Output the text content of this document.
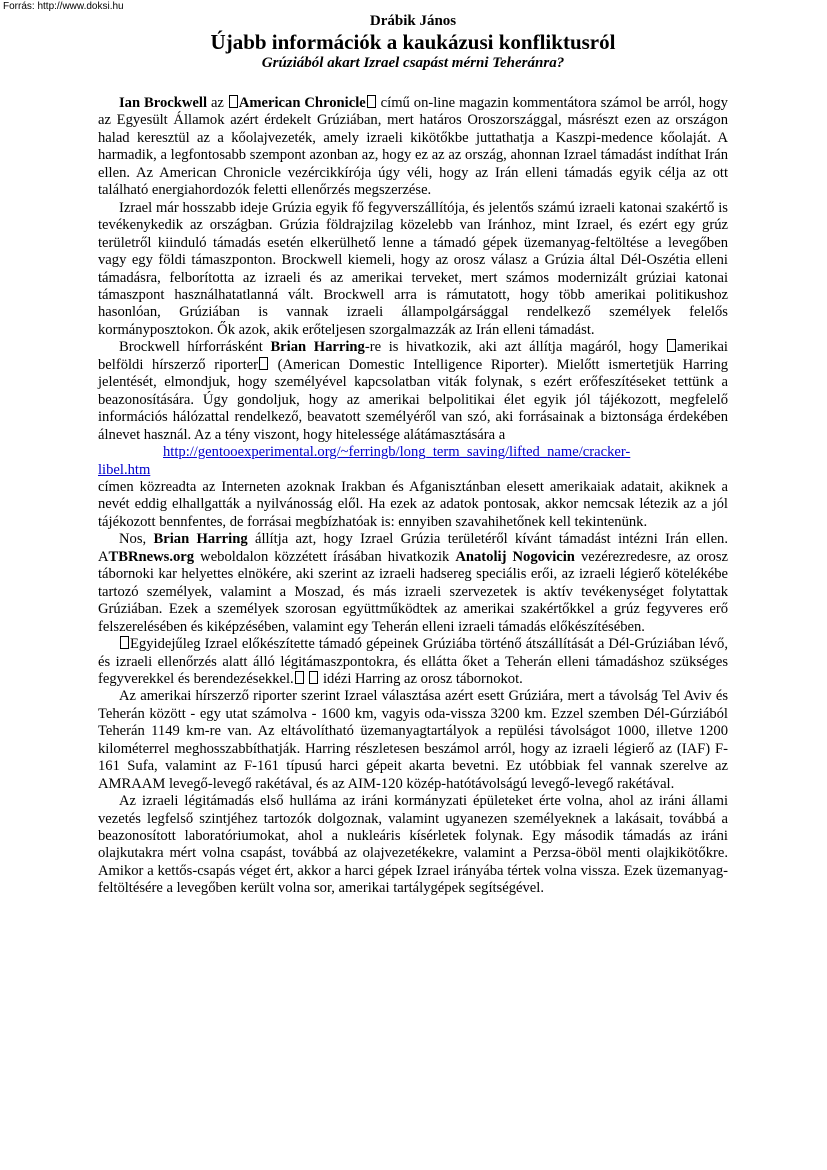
Forrás: http://www.doksi.hu
Drábik János
Újabb információk a kaukázusi konfliktusról
Grúziából akart Izrael csapást mérni Teheránra?

Ian Brockwell az American Chronicle című on-line magazin kommentátora számol be arról, hogy az Egyesült Államok azért érdekelt Grúziában, mert határos Oroszországgal, másrészt ezen az országon halad keresztül az a kőolajvezeték, amely izraeli kikötőkbe juttathatja a Kaszpi-medence kőolaját. A harmadik, a legfontosabb szempont azonban az, hogy ez az az ország, ahonnan Izrael támadást indíthat Irán ellen. Az American Chronicle vezércikkírója úgy véli, hogy az Irán elleni támadás egyik célja az ott található energiahordozók feletti ellenőrzés megszerzése.

Izrael már hosszabb ideje Grúzia egyik fő fegyverszállítója, és jelentős számú izraeli katonai szakértő is tevékenykedik az országban. Grúzia földrajzilag közelebb van Iránhoz, mint Izrael, és ezért egy grúz területről kiinduló támadás esetén elkerülhető lenne a támadó gépek üzemanyag-feltöltése a levegőben vagy egy földi támaszponton. Brockwell kiemeli, hogy az orosz válasz a Grúzia által Dél-Oszétia elleni támadásra, felborította az izraeli és az amerikai terveket, mert számos modernizált grúziai katonai támaszpont használhatatlanná vált. Brockwell arra is rámutatott, hogy több amerikai politikushoz hasonlóan, Grúziában is vannak izraeli állampolgársággal rendelkező személyek felelős kormányposztokon. Ők azok, akik erőteljesen szorgalmazzák az Irán elleni támadást.

Brockwell hírforrásként Brian Harring-re is hivatkozik, aki azt állítja magáról, hogy amerikai belföldi hírszerző riporter (American Domestic Intelligence Riporter). Mielőtt ismertetjük Harring jelentését, elmondjuk, hogy személyével kapcsolatban viták folynak, s ezért erőfeszítéseket tettünk a beazonosítására. Úgy gondoljuk, hogy az amerikai belpolitikai élet egyik jól tájékozott, megfelelő információs hálózattal rendelkező, beavatott személyéről van szó, aki forrásainak a biztonsága érdekében álnevet használ. Az a tény viszont, hogy hitelessége alátámasztására a

http://gentooexperimental.org/~ferringb/long_term_saving/lifted_name/cracker-

libel.htm

címen közreadta az Interneten azoknak Irakban és Afganisztánban elesett amerikaiak adatait, akiknek a nevét eddig elhallgatták a nyilvánosság elől. Ha ezek az adatok pontosak, akkor nemcsak létezik az a jól tájékozott bennfentes, de forrásai megbízhatóak is: ennyiben szavahihetőnek kell tekintenünk.

Nos, Brian Harring állítja azt, hogy Izrael Grúzia területéről kívánt támadást intézni Irán ellen. ATBRnews.org weboldalon közzétett írásában hivatkozik Anatolij Nogovicin vezérezredesre, az orosz tábornoki kar helyettes elnökére, aki szerint az izraeli hadsereg speciális erői, az izraeli légierő kötelékébe tartozó személyek, valamint a Moszad, és más izraeli szervezetek is aktív tevékenységet folytattak Grúziában. Ezek a személyek szorosan együttműködtek az amerikai szakértőkkel a grúz fegyveres erő felszerelésében és kiképzésében, valamint egy Teherán elleni izraeli támadás előkészítésében.

Egyidejűleg Izrael előkészítette támadó gépeinek Grúziába történő átszállítását a Dél-Grúziában lévő, és izraeli ellenőrzés alatt álló légitámaszpontokra, és ellátta őket a Teherán elleni támadáshoz szükséges fegyverekkel és berendezésekkel.  idézi Harring az orosz tábornokot.

Az amerikai hírszerző riporter szerint Izrael választása azért esett Grúziára, mert a távolság Tel Aviv és Teherán között - egy utat számolva - 1600 km, vagyis oda-vissza 3200 km. Ezzel szemben Dél-Gúrziából Teherán 1149 km-re van. Az eltávolítható üzemanyagtartályok a repülési távolságot 1000, illetve 1200 kilométerrel meghosszabbíthatják. Harring részletesen beszámol arról, hogy az izraeli légierő az (IAF) F-161 Sufa, valamint az F-161 típusú harci gépeit akarta bevetni. Ez utóbbiak fel vannak szerelve az AMRAAM levegő-levegő rakétával, és az AIM-120 közép-hatótávolságú levegő-levegő rakétával.

Az izraeli légitámadás első hulláma az iráni kormányzati épületeket érte volna, ahol az iráni állami vezetés legfelső szintjéhez tartozók dolgoznak, valamint ugyanezen személyeknek a lakásait, továbbá a beazonosított laboratóriumokat, ahol a nukleáris kísérletek folynak. Egy második támadás az iráni olajkutakra mért volna csapást, továbbá az olajvezetékekre, valamint a Perzsa-öböl menti olajkikötőkre. Amikor a kettős-csapás véget ért, akkor a harci gépek Izrael irányába tértek volna vissza. Ezek üzemanyag-feltöltésére a levegőben került volna sor, amerikai tartálygépek segítségével.
